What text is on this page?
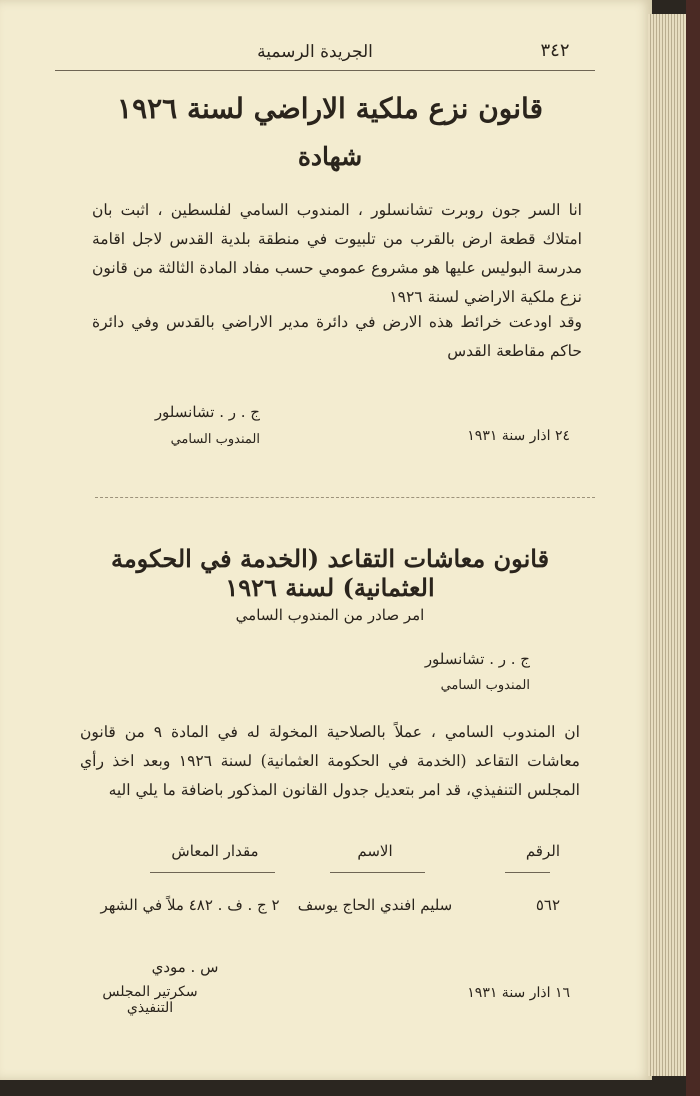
٣٤٢
الجريدة الرسمية
قانون نزع ملكية الاراضي لسنة ١٩٢٦
شهادة
انا السر جون روبرت تشانسلور ، المندوب السامي لفلسطين ، اثبت بان امتلاك قطعة ارض بالقرب من تلبيوت في منطقة بلدية القدس لاجل اقامة مدرسة البوليس عليها هو مشروع عمومي حسب مفاد المادة الثالثة من قانون نزع ملكية الاراضي لسنة ١٩٢٦
وقد اودعت خرائط هذه الارض في دائرة مدير الاراضي بالقدس وفي دائرة حاكم مقاطعة القدس
ج . ر . تشانسلور
المندوب السامي	٢٤ اذار سنة ١٩٣١
قانون معاشات التقاعد (الخدمة في الحكومة العثمانية) لسنة ١٩٢٦
امر صادر من المندوب السامي
ج . ر . تشانسلور
المندوب السامي
ان المندوب السامي ، عملاً بالصلاحية المخولة له في المادة ٩ من قانون معاشات التقاعد (الخدمة في الحكومة العثمانية) لسنة ١٩٢٦ وبعد اخذ رأي المجلس التنفيذي، قد امر بتعديل جدول القانون المذكور باضافة ما يلي اليه
الرقم
الاسم
مقدار المعاش
٥٦٢
سليم افندي الحاج يوسف
٢ ج . ف . ٤٨٢ ملاً في الشهر
س . مودي
سكرتير المجلس التنفيذي
١٦ اذار سنة ١٩٣١
